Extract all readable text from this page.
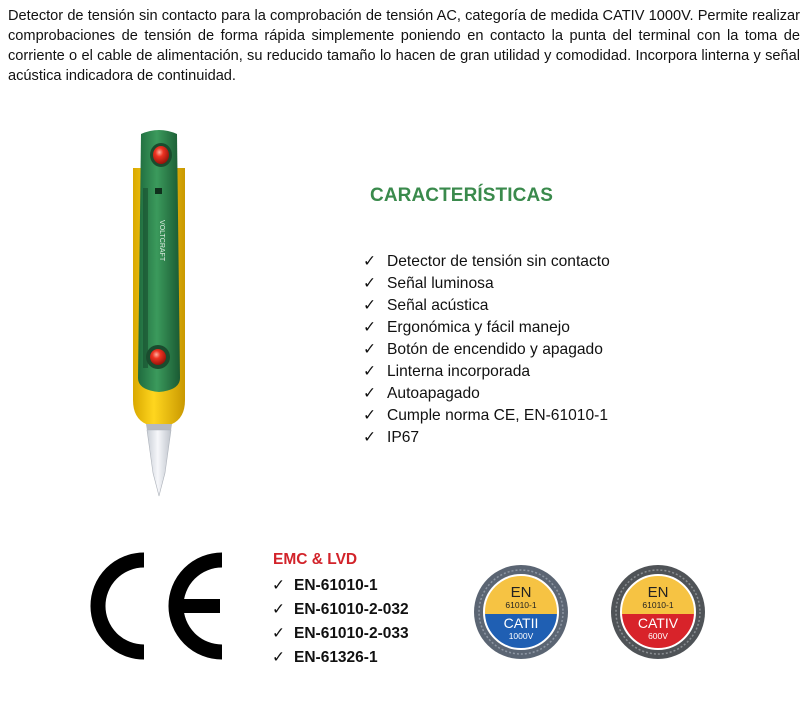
Detector de tensión sin contacto para la comprobación de tensión AC, categoría de medida CATIV 1000V. Permite realizar comprobaciones de tensión de forma rápida simplemente poniendo en contacto la punta del terminal con la toma de corriente o el cable de alimentación, su reducido tamaño lo hacen de gran utilidad y comodidad. Incorpora linterna y señal acústica indicadora de continuidad.

VOLTCRAFT
CARACTERÍSTICAS
✓ Detector de tensión sin contacto
✓ Señal luminosa
✓ Señal acústica
✓ Ergonómica y fácil manejo
✓ Botón de encendido y apagado
✓ Linterna incorporada
✓ Autoapagado
✓ Cumple norma CE, EN-61010-1
✓ IP67
EMC & LVD
✓ EN-61010-1
✓ EN-61010-2-032
✓ EN-61010-2-033
✓ EN-61326-1
EN
61010-1
CATII
1000V
EN
61010-1
CATIV
600V
